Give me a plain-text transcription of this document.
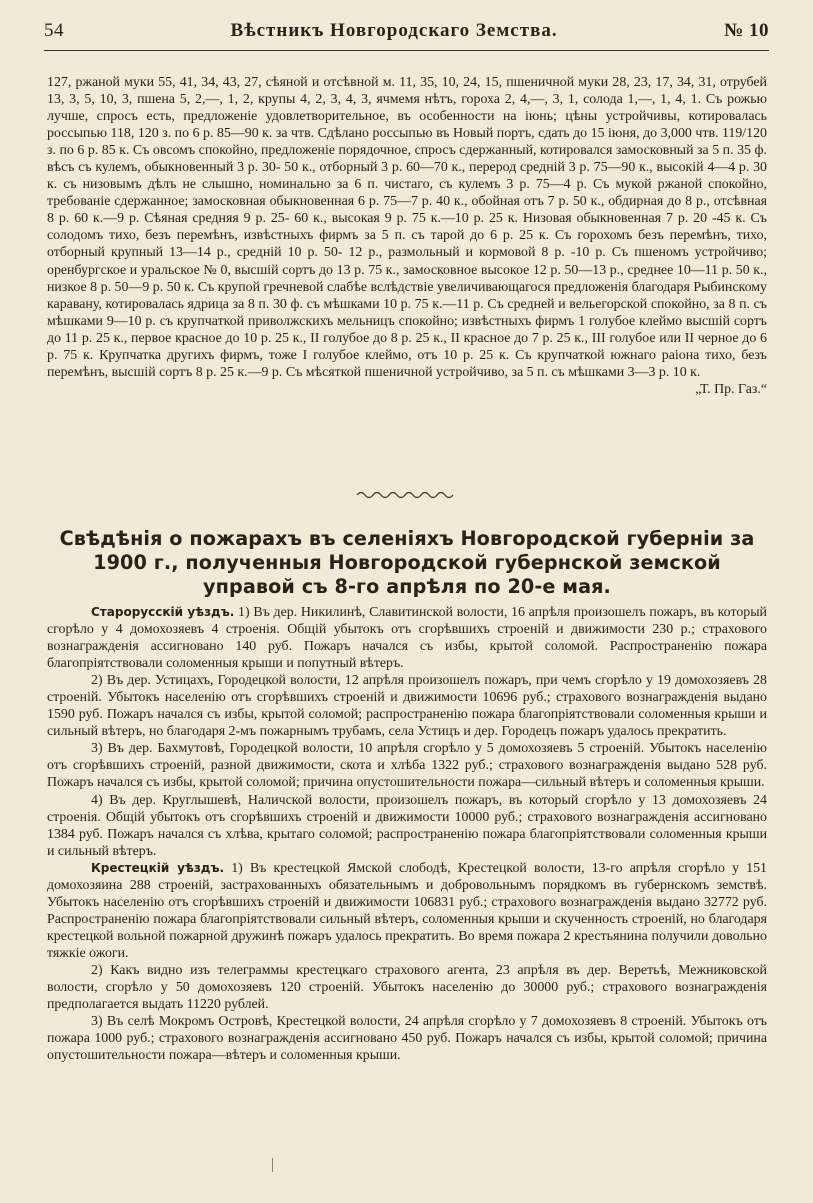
54	Вѣстникъ Новгородскаго Земства.	№ 10

127, ржаной муки 55, 41, 34, 43, 27, сѣяной и отсѣвной м. 11, 35, 10, 24, 15, пшеничной муки 28, 23, 17, 34, 31, отрубей 13, 3, 5, 10, 3, пшена 5, 2,—, 1, 2, крупы 4, 2, 3, 4, 3, ячмемя нѣтъ, гороха 2, 4,—, 3, 1, солода 1,—, 1, 4, 1. Съ рожью лучше, спросъ есть, предложеніе удовлетворительное, въ особенности на іюнь; цѣны устройчивы, котировалась россыпью 118, 120 з. по 6 р. 85—90 к. за чтв. Сдѣлано россыпью въ Новый портъ, сдать до 15 іюня, до 3,000 чтв. 119/120 з. по 6 р. 85 к. Съ овсомъ спокойно, предложеніе порядочное, спросъ сдержанный, котировался замосковный за 5 п. 35 ф. вѣсъ съ кулемъ, обыкновенный 3 р. 30- 50 к., отборный 3 р. 60—70 к., перерод средній 3 р. 75—90 к., высокій 4—4 р. 30 к. съ низовымъ дѣлъ не слышно, номинально за 6 п. чистаго, съ кулемъ 3 р. 75—4 р. Съ мукой ржаной спокойно, требованіе сдержанное; замосковная обыкновенная 6 р. 75—7 р. 40 к., обойная отъ 7 р. 50 к., обдирная до 8 р., отсѣвная 8 р. 60 к.—9 р. Сѣяная средняя 9 р. 25- 60 к., высокая 9 р. 75 к.—10 р. 25 к. Низовая обыкновенная 7 р. 20 -45 к. Съ солодомъ тихо, безъ перемѣнъ, извѣстныхъ фирмъ за 5 п. съ тарой до 6 р. 25 к. Съ горохомъ безъ перемѣнъ, тихо, отборный крупный 13—14 р., средній 10 р. 50- 12 р., размольный и кормовой 8 р. -10 р. Съ пшеномъ устройчиво; оренбургское и уральское № 0, высшій сортъ до 13 р. 75 к., замосковное высокое 12 р. 50—13 р., среднее 10—11 р. 50 к., низкое 8 р. 50—9 р. 50 к. Съ крупой гречневой слабѣе вслѣдствіе увеличивающагося предложенія благодаря Рыбинскому каравану, котировалась ядрица за 8 п. 30 ф. съ мѣшками 10 р. 75 к.—11 р. Съ средней и вельегорской спокойно, за 8 п. съ мѣшками 9—10 р. съ крупчаткой приволжскихъ мельницъ спокойно; извѣстныхъ фирмъ 1 голубое клеймо высшій сортъ до 11 р. 25 к., первое красное до 10 р. 25 к., II голубое до 8 р. 25 к., II красное до 7 р. 25 к., III голубое или II черное до 6 р. 75 к. Крупчатка другихъ фирмъ, тоже I голубое клеймо, отъ 10 р. 25 к. Съ крупчаткой южнаго раіона тихо, безъ перемѣнъ, высшій сортъ 8 р. 25 к.—9 р. Съ мѣсяткой пшеничной устройчиво, за 5 п. съ мѣшками 3—3 р. 10 к.

„Т. Пр. Газ.“

Свѣдѣнія о пожарахъ въ селеніяхъ Новгородской губерніи за 1900 г., полученныя Новгородской губернской земской управой съ 8-го апрѣля по 20-е мая.

Старорусскій уѣздъ. 1) Въ дер. Никилинѣ, Славитинской волости, 16 апрѣля произошелъ пожаръ, въ который сгорѣло у 4 домохозяевъ 4 строенія. Общій убытокъ отъ сгорѣвшихъ строеній и движимости 230 р.; страхового вознагражденія ассигновано 140 руб. Пожаръ начался съ избы, крытой соломой. Распространенію пожара благопріятствовали соломенныя крыши и попутный вѣтеръ.

2) Въ дер. Устицахъ, Городецкой волости, 12 апрѣля произошелъ пожаръ, при чемъ сгорѣло у 19 домохозяевъ 28 строеній. Убытокъ населенію отъ сгорѣвшихъ строеній и движимости 10696 руб.; страхового вознагражденія выдано 1590 руб. Пожаръ начался съ избы, крытой соломой; распространенію пожара благопріятствовали соломенныя крыши и сильный вѣтеръ, но благодаря 2-мъ пожарнымъ трубамъ, села Устицъ и дер. Городецъ пожаръ удалось прекратить.

3) Въ дер. Бахмутовѣ, Городецкой волости, 10 апрѣля сгорѣло у 5 домохозяевъ 5 строеній. Убытокъ населенію отъ сгорѣвшихъ строеній, разной движимости, скота и хлѣба 1322 руб.; страхового вознагражденія выдано 528 руб. Пожаръ начался съ избы, крытой соломой; причина опустошительности пожара—сильный вѣтеръ и соломенныя крыши.

4) Въ дер. Круглышевѣ, Наличской волости, произошелъ пожаръ, въ который сгорѣло у 13 домохозяевъ 24 строенія. Общій убытокъ отъ сгорѣвшихъ строеній и движимости 10000 руб.; страхового вознагражденія ассигновано 1384 руб. Пожаръ начался съ хлѣва, крытаго соломой; распространенію пожара благопріятствовали соломенныя крыши и сильный вѣтеръ.

Крестецкій уѣздъ. 1) Въ крестецкой Ямской слободѣ, Крестецкой волости, 13-го апрѣля сгорѣло у 151 домохозяина 288 строеній, застрахованныхъ обязательнымъ и добровольнымъ порядкомъ въ губернскомъ земствѣ. Убытокъ населенію отъ сгорѣвшихъ строеній и движимости 106831 руб.; страхового вознагражденія выдано 32772 руб. Распространенію пожара благопріятствовали сильный вѣтеръ, соломенныя крыши и скученность строеній, но благодаря крестецкой вольной пожарной дружинѣ пожаръ удалось прекратить. Во время пожара 2 крестьянина получили довольно тяжкіе ожоги.

2) Какъ видно изъ телеграммы крестецкаго страхового агента, 23 апрѣля въ дер. Веретьѣ, Межниковской волости, сгорѣло у 50 домохозяевъ 120 строеній. Убытокъ населенію до 30000 руб.; страхового вознагражденія предполагается выдать 11220 рублей.

3) Въ селѣ Мокромъ Островѣ, Крестецкой волости, 24 апрѣля сгорѣло у 7 домохозяевъ 8 строеній. Убытокъ отъ пожара 1000 руб.; страхового вознагражденія ассигновано 450 руб. Пожаръ начался съ избы, крытой соломой; причина опустошительности пожара—вѣтеръ и соломенныя крыши.
